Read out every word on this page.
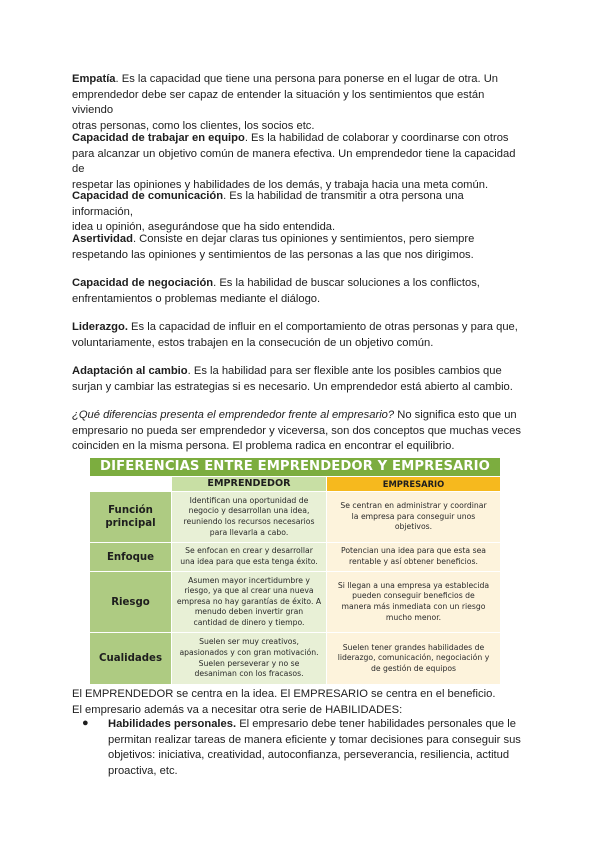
Empatía. Es la capacidad que tiene una persona para ponerse en el lugar de otra. Un
emprendedor debe ser capaz de entender la situación y los sentimientos que están viviendo
otras personas, como los clientes, los socios etc.

Capacidad de trabajar en equipo. Es la habilidad de colaborar y coordinarse con otros
para alcanzar un objetivo común de manera efectiva. Un emprendedor tiene la capacidad de
respetar las opiniones y habilidades de los demás, y trabaja hacia una meta común.

Capacidad de comunicación. Es la habilidad de transmitir a otra persona una información,
idea u opinión, asegurándose que ha sido entendida.

Asertividad. Consiste en dejar claras tus opiniones y sentimientos, pero siempre
respetando las opiniones y sentimientos de las personas a las que nos dirigimos.

Capacidad de negociación. Es la habilidad de buscar soluciones a los conflictos,
enfrentamientos o problemas mediante el diálogo.

Liderazgo. Es la capacidad de influir en el comportamiento de otras personas y para que,
voluntariamente, estos trabajen en la consecución de un objetivo común.

Adaptación al cambio. Es la habilidad para ser flexible ante los posibles cambios que
surjan y cambiar las estrategias si es necesario. Un emprendedor está abierto al cambio.

¿Qué diferencias presenta el emprendedor frente al empresario? No significa esto que un
empresario no pueda ser emprendedor y viceversa, son dos conceptos que muchas veces
coinciden en la misma persona. El problema radica en encontrar el equilibrio.

DIFERENCIAS ENTRE EMPRENDEDOR Y EMPRESARIO
EMPRENDEDOR	EMPRESARIO
Función
principal
Identifican una oportunidad de
negocio y desarrollan una idea,
reuniendo los recursos necesarios
para llevarla a cabo.
Se centran en administrar y coordinar
la empresa para conseguir unos
objetivos.
Enfoque
Se enfocan en crear y desarrollar
una idea para que esta tenga éxito.
Potencian una idea para que esta sea
rentable y así obtener beneficios.
Riesgo
Asumen mayor incertidumbre y
riesgo, ya que al crear una nueva
empresa no hay garantías de éxito. A
menudo deben invertir gran
cantidad de dinero y tiempo.
Si llegan a una empresa ya establecida
pueden conseguir beneficios de
manera más inmediata con un riesgo
mucho menor.
Cualidades
Suelen ser muy creativos,
apasionados y con gran motivación.
Suelen perseverar y no se
desaniman con los fracasos.
Suelen tener grandes habilidades de
liderazgo, comunicación, negociación y
de gestión de equipos

El EMPRENDEDOR se centra en la idea. El EMPRESARIO se centra en el beneficio.
El empresario además va a necesitar otra serie de HABILIDADES:

● Habilidades personales. El empresario debe tener habilidades personales que le
permitan realizar tareas de manera eficiente y tomar decisiones para conseguir sus
objetivos: iniciativa, creatividad, autoconfianza, perseverancia, resiliencia, actitud
proactiva, etc.
